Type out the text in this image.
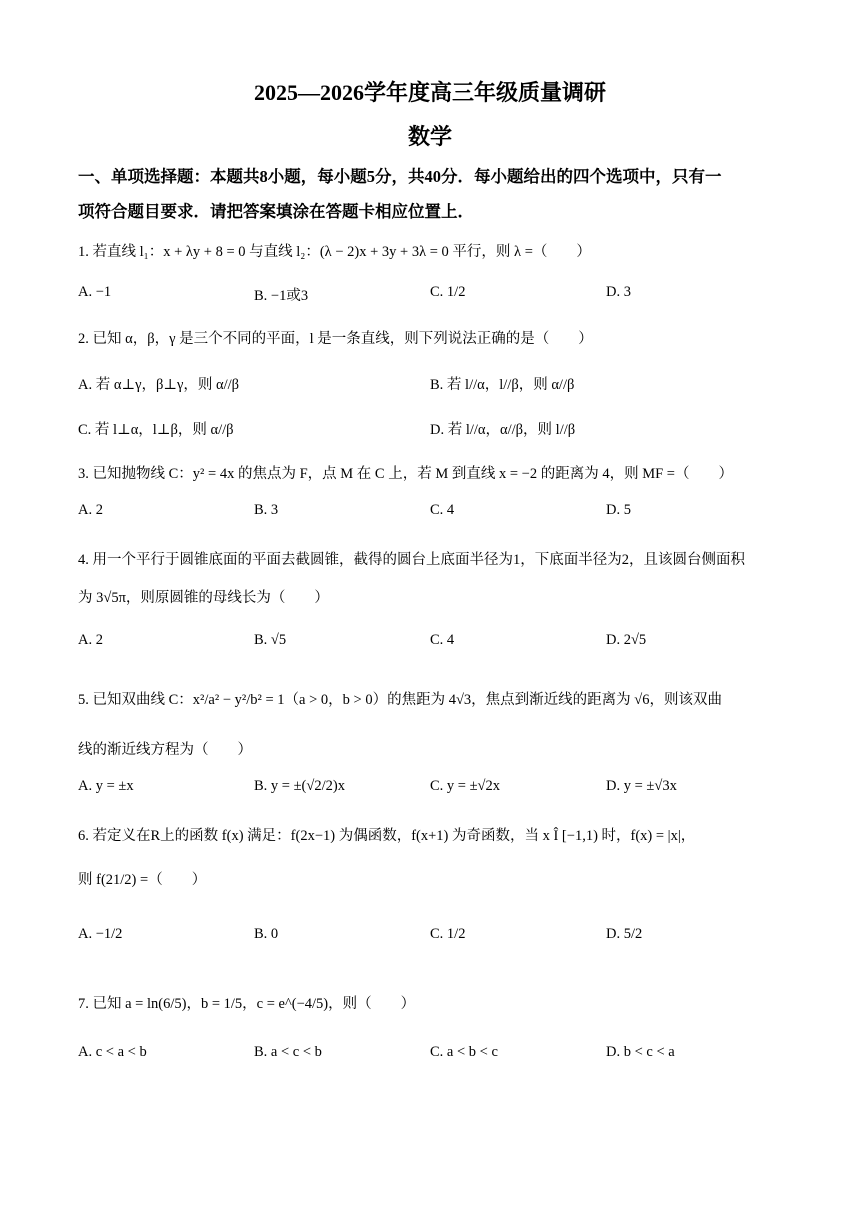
2025—2026学年度高三年级质量调研
数学
一、单项选择题：本题共8小题，每小题5分，共40分．每小题给出的四个选项中，只有一
项符合题目要求．请把答案填涂在答题卡相应位置上．
1. 若直线 l₁：x + λy + 8 = 0 与直线 l₂：(λ − 2)x + 3y + 3λ = 0 平行，则 λ =（　　）
A. −1	B. −1或3	C. 1/2	D. 3
2. 已知 α，β，γ 是三个不同的平面，l 是一条直线，则下列说法正确的是（　　）
A. 若 α⊥γ，β⊥γ，则 α//β	B. 若 l//α，l//β，则 α//β
C. 若 l⊥α，l⊥β，则 α//β	D. 若 l//α，α//β，则 l//β
3. 已知抛物线 C：y² = 4x 的焦点为 F，点 M 在 C 上，若 M 到直线 x = −2 的距离为 4，则 MF =（　　）
A. 2	B. 3	C. 4	D. 5
4. 用一个平行于圆锥底面的平面去截圆锥，截得的圆台上底面半径为1，下底面半径为2，且该圆台侧面积
为 3√5π，则原圆锥的母线长为（　　）
A. 2	B. √5	C. 4	D. 2√5
5. 已知双曲线 C：x²/a² − y²/b² = 1（a > 0，b > 0）的焦距为 4√3，焦点到渐近线的距离为 √6，则该双曲
线的渐近线方程为（　　）
A. y = ±x	B. y = ±(√2/2)x	C. y = ±√2x	D. y = ±√3x
6. 若定义在R上的函数 f(x) 满足：f(2x−1) 为偶函数，f(x+1) 为奇函数，当 x Î [−1,1) 时，f(x) = |x|，
则 f(21/2) =（　　）
A. −1/2	B. 0	C. 1/2	D. 5/2
7. 已知 a = ln(6/5)，b = 1/5，c = e^(−4/5)，则（　　）
A. c < a < b	B. a < c < b	C. a < b < c	D. b < c < a
